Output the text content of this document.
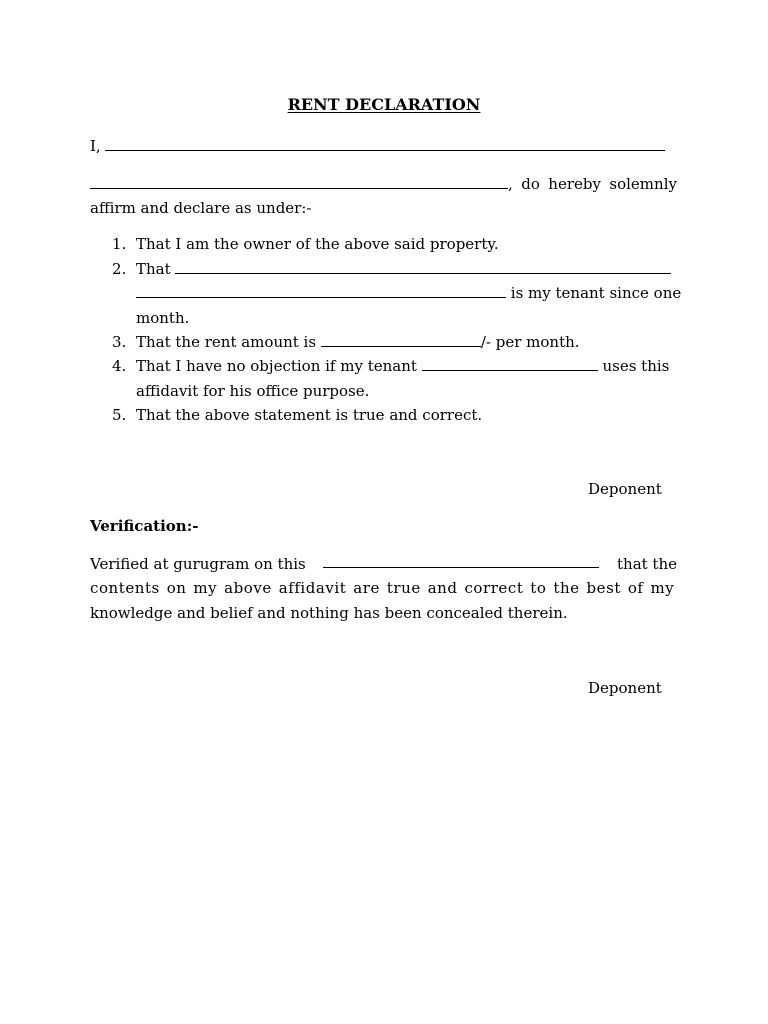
RENT DECLARATION
I,
, do hereby solemnly
affirm and declare as under:-
1. That I am the owner of the above said property.
2. That
is my tenant since one
month.
3. That the rent amount is	/- per month.
4. That I have no objection if my tenant	uses this
affidavit for his office purpose.
5. That the above statement is true and correct.
Deponent
Verification:-
Verified at gurugram on this	that the
contents on my above affidavit are true and correct to the best of my
knowledge and belief and nothing has been concealed therein.
Deponent
